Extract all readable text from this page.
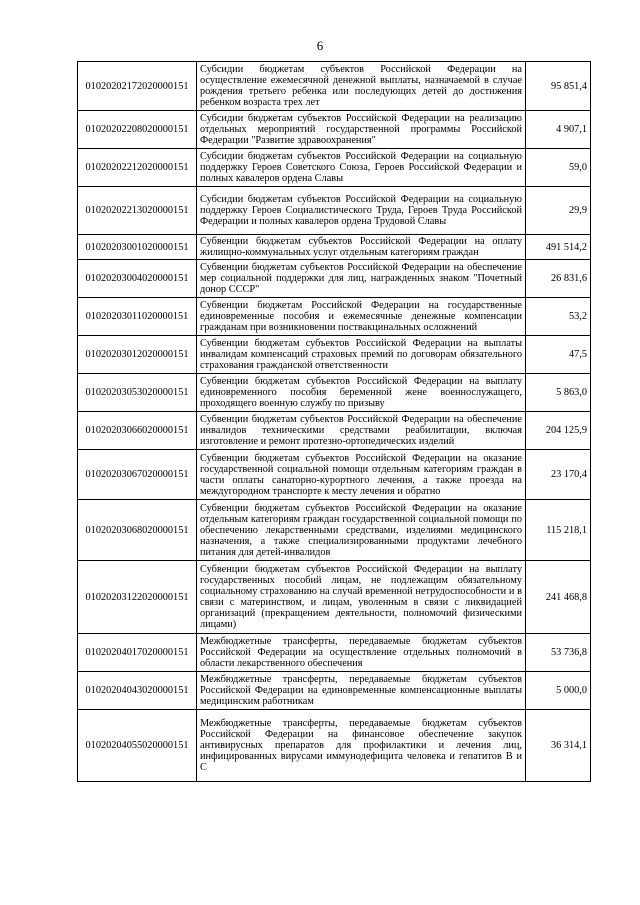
6
01020202172020000151	Субсидии бюджетам субъектов Российской Федерации на осуществление ежемесячной денежной выплаты, назначаемой в случае рождения третьего ребенка или последующих детей до достижения ребенком возраста трех лет	95 851,4
01020202208020000151	Субсидии бюджетам субъектов Российской Федерации на реализацию отдельных мероприятий государственной программы Российской Федерации "Развитие здравоохранения"	4 907,1
01020202212020000151	Субсидии бюджетам субъектов Российской Федерации на социальную поддержку Героев Советского Союза, Героев Российской Федерации и полных кавалеров ордена Славы	59,0
01020202213020000151	Субсидии бюджетам субъектов Российской Федерации на социальную поддержку Героев Социалистического Труда, Героев Труда Российской Федерации и полных кавалеров ордена Трудовой Славы	29,9
01020203001020000151	Субвенции бюджетам субъектов Российской Федерации на оплату жилищно-коммунальных услуг отдельным категориям граждан	491 514,2
01020203004020000151	Субвенции бюджетам субъектов Российской Федерации на обеспечение мер социальной поддержки для лиц, награжденных знаком "Почетный донор СССР"	26 831,6
01020203011020000151	Субвенции бюджетам Российской Федерации на государственные единовременные пособия и ежемесячные денежные компенсации гражданам при возникновении поствакцинальных осложнений	53,2
01020203012020000151	Субвенции бюджетам субъектов Российской Федерации на выплаты инвалидам компенсаций страховых премий по договорам обязательного страхования гражданской ответственности	47,5
01020203053020000151	Субвенции бюджетам субъектов Российской Федерации на выплату единовременного пособия беременной жене военнослужащего, проходящего военную службу по призыву	5 863,0
01020203066020000151	Субвенции бюджетам субъектов Российской Федерации на обеспечение инвалидов техническими средствами реабилитации, включая изготовление и ремонт протезно-ортопедических изделий	204 125,9
01020203067020000151	Субвенции бюджетам субъектов Российской Федерации на оказание государственной социальной помощи отдельным категориям граждан в части оплаты санаторно-курортного лечения, а также проезда на междугородном транспорте к месту лечения и обратно	23 170,4
01020203068020000151	Субвенции бюджетам субъектов Российской Федерации на оказание отдельным категориям граждан государственной социальной помощи по обеспечению лекарственными средствами, изделиями медицинского назначения, а также специализированными продуктами лечебного питания для детей-инвалидов	115 218,1
01020203122020000151	Субвенции бюджетам субъектов Российской Федерации на выплату государственных пособий лицам, не подлежащим обязательному социальному страхованию на случай временной нетрудоспособности и в связи с материнством, и лицам, уволенным в связи с ликвидацией организаций (прекращением деятельности, полномочий физическими лицами)	241 468,8
01020204017020000151	Межбюджетные трансферты, передаваемые бюджетам субъектов Российской Федерации на осуществление отдельных полномочий в области лекарственного обеспечения	53 736,8
01020204043020000151	Межбюджетные трансферты, передаваемые бюджетам субъектов Российской Федерации на единовременные компенсационные выплаты медицинским работникам	5 000,0
01020204055020000151	Межбюджетные трансферты, передаваемые бюджетам субъектов Российской Федерации на финансовое обеспечение закупок антивирусных препаратов для профилактики и лечения лиц, инфицированных вирусами иммунодефицита человека и гепатитов B и C	36 314,1
